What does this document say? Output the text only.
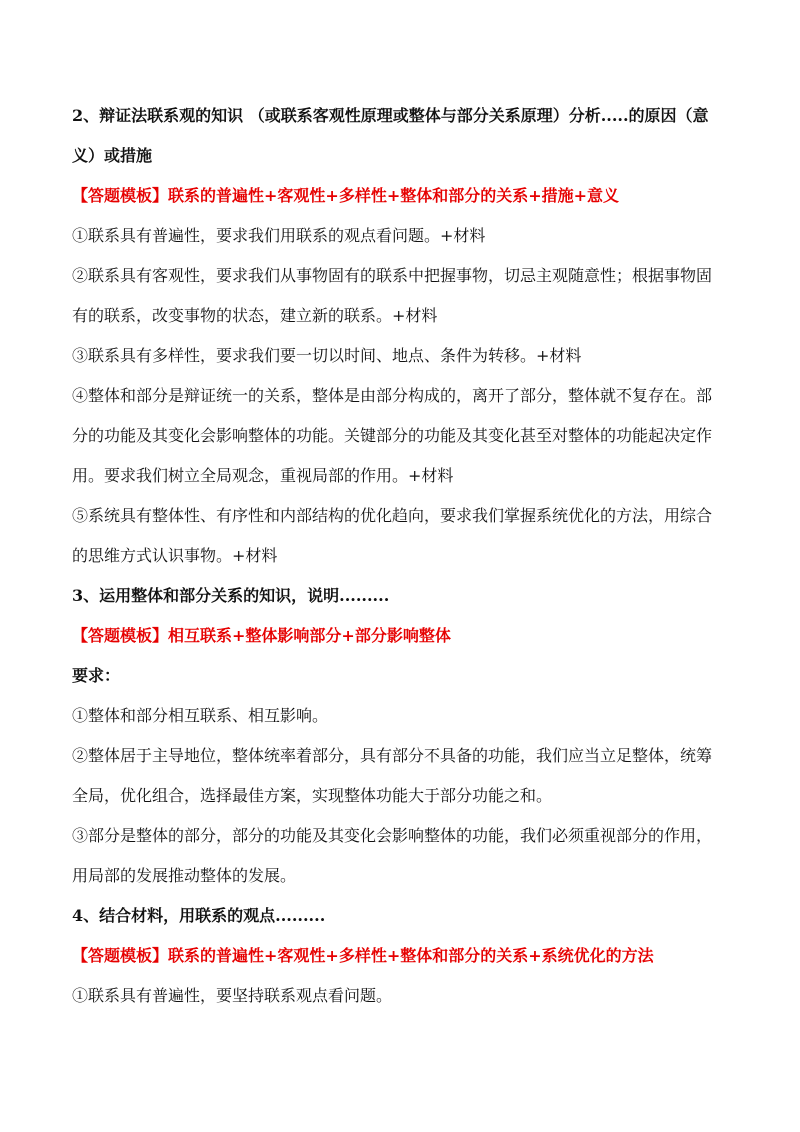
2、辩证法联系观的知识 （或联系客观性原理或整体与部分关系原理）分析.....的原因（意
义）或措施
【答题模板】联系的普遍性+客观性+多样性+整体和部分的关系+措施+意义
①联系具有普遍性，要求我们用联系的观点看问题。+材料
②联系具有客观性，要求我们从事物固有的联系中把握事物，切忌主观随意性；根据事物固
有的联系，改变事物的状态，建立新的联系。+材料
③联系具有多样性，要求我们要一切以时间、地点、条件为转移。+材料
④整体和部分是辩证统一的关系，整体是由部分构成的，离开了部分，整体就不复存在。部
分的功能及其变化会影响整体的功能。关键部分的功能及其变化甚至对整体的功能起决定作
用。要求我们树立全局观念，重视局部的作用。+材料
⑤系统具有整体性、有序性和内部结构的优化趋向，要求我们掌握系统优化的方法，用综合
的思维方式认识事物。+材料
3、运用整体和部分关系的知识，说明.........
【答题模板】相互联系+整体影响部分+部分影响整体
要求：
①整体和部分相互联系、相互影响。
②整体居于主导地位，整体统率着部分，具有部分不具备的功能，我们应当立足整体，统筹
全局，优化组合，选择最佳方案，实现整体功能大于部分功能之和。
③部分是整体的部分，部分的功能及其变化会影响整体的功能，我们必须重视部分的作用，
用局部的发展推动整体的发展。
4、结合材料，用联系的观点.........
【答题模板】联系的普遍性+客观性+多样性+整体和部分的关系+系统优化的方法
①联系具有普遍性，要坚持联系观点看问题。
